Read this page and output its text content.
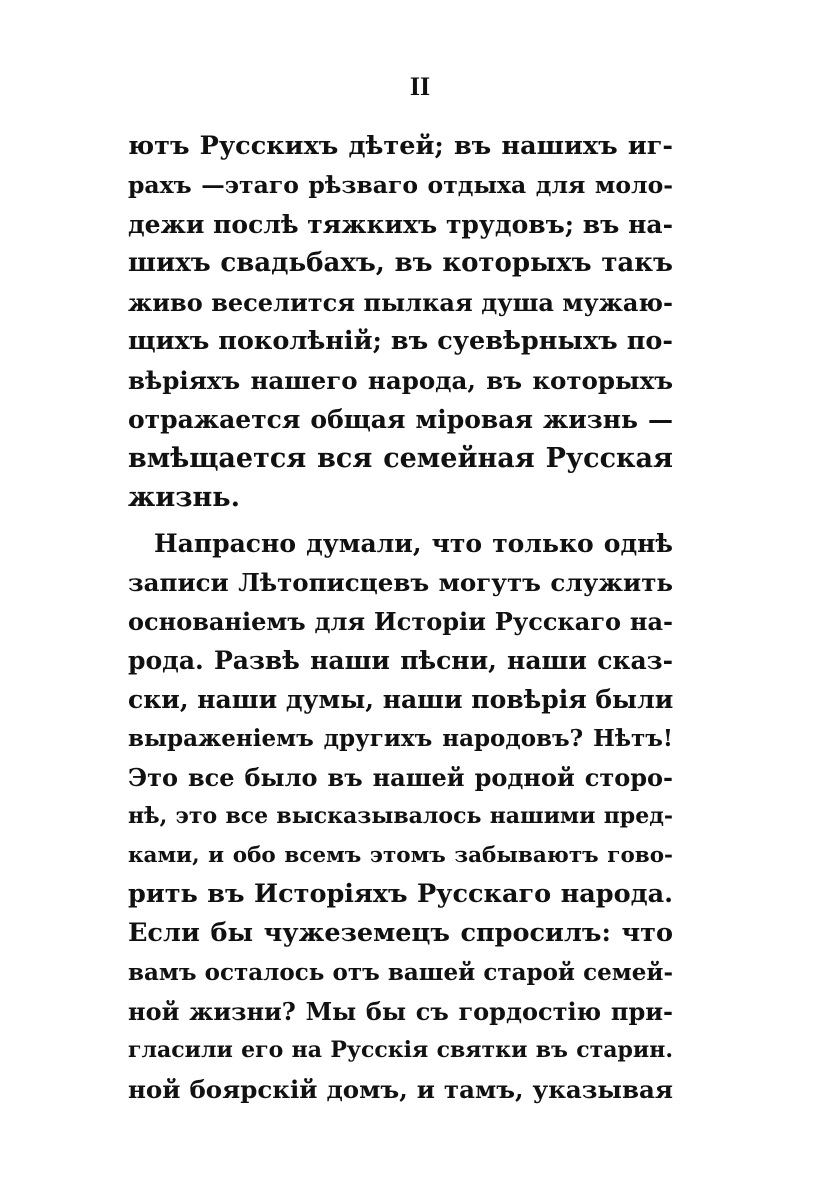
II
ютъ Русскихъ дѣтей; въ нашихъ иг-
рахъ —этаго рѣзваго отдыха для моло-
дежи послѣ тяжкихъ трудовъ; въ на-
шихъ свадьбахъ, въ которыхъ такъ
живо веселится пылкая душа мужаю-
щихъ поколѣній; въ суевѣрныхъ по-
вѣріяхъ нашего народа, въ которыхъ
отражается общая мірoвая жизнь —
вмѣщается вся семейная Русская
жизнь.
Напрасно думали, что только однѣ
записи Лѣтописцевъ могутъ служить
основаніемъ для Исторіи Русскаго на-
рода. Развѣ наши пѣсни, наши сказ-
ски, наши думы, наши повѣрія были
выраженіемъ другихъ народовъ? Нѣтъ!
Это все было въ нашей родной сторо-
нѣ, это все высказывалось нашими пред-
ками, и обо всемъ этомъ забываютъ гово-
рить въ Исторіяхъ Русскаго народа.
Если бы чужеземецъ спросилъ: что
вамъ осталось отъ вашей старой семей-
ной жизни? Мы бы съ гордостію при-
гласили его на Русскія святки въ старин.
ной боярскій домъ, и тамъ, указывая
